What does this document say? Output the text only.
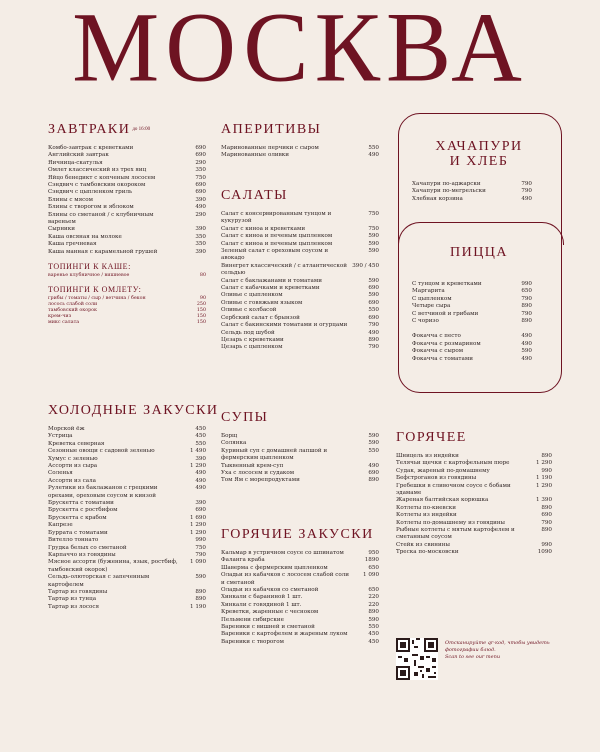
МОСКВА
ЗАВТРАКИ до 16:00
Комбо-завтрак с креветками	690
Английский завтрак	690
Яичница-скатулья	290
Омлет классический из трех яиц	350
Яйцо бенедикт с копченым лососем	750
Сэндвич с тамбовским окороком	690
Сэндвич с цыпленком гриль	690
Блины с мясом	390
Блины с творогом и яблоком	490
Блины со сметаной / с клубничным вареньем
290
Сырники	390
Каша овсяная на молоке	350
Каша гречневая	350
Каша манная с карамельной грушей	390
ТОПИНГИ К КАШЕ:
варенье клубничное / вишневое	80
ТОПИНГИ К ОМЛЕТУ:
грибы / томаты / сыр / ветчина / бекон	90
лосось слабой соли	250
тамбовский окорок	150
крем-чиз	150
микс салата	150
ХОЛОДНЫЕ ЗАКУСКИ
Морской ёж	450
Устрица	450
Креветка северная	550
Сезонные овощи с садовой зеленью	1 490
Хумус с зеленью	390
Ассорти из сыра	1 290
Соленья	490
Ассорти из сала	490
Рулетики из баклажанов с грецкими орехами, ореховым соусом и кинзой
490
Брускетта с томатами	390
Брускетта с ростбифом	690
Брускетта с крабом	1 690
Капрезе	1 290
Буррата с томатами	1 290
Вителло тоннато	990
Грудка белых со сметаной	750
Карпаччо из говядины	790
Мясное ассорти (буженина, язык, ростбиф, тамбовский окорок)
1 090
Сельдь-олюторская с запеченным картофелем
590
Тартар из говядины	890
Тартар из тунца	890
Тартар из лосося	1 190
АПЕРИТИВЫ
Маринованные перчики с сыром	550
Маринованные оливки	490
САЛАТЫ
Салат с консервированным тунцом и кукурузой
750
Салат с киноа и креветками	750
Салат с киноа и печеным цыпленком	590
Салат с киноа и печеным цыпленком	590
Зеленый салат с ореховым соусом и авокадо
590
Винегрет классический / с атлантической сельдью
390 / 450
Салат с баклажанами и томатами	590
Салат с кабачками и креветками	690
Оливье с цыпленком	590
Оливье с говяжьим языком	690
Оливье с колбасой	550
Сербский салат с брынзой	690
Салат с бакинскими томатами и огурцами	790
Сельдь под шубой	490
Цезарь с креветками	890
Цезарь с цыпленком	790
СУПЫ
Борщ	590
Солянка	590
Куриный суп с домашней лапшой и фермерским цыпленком
550
Тыквенный крем-суп	490
Уха с лососем и судаком	690
Том Ям с морепродуктами	890
ГОРЯЧИЕ ЗАКУСКИ
Кальмар в устричном соусе со шпинатом	950
Фаланга краба	1890
Шаверма с фермерским цыпленком	650
Оладьи из кабачков с лососем слабой соли и сметаной
1 090
Оладьи из кабачков со сметаной	650
Хинкали с бараниной 1 шт.	220
Хинкали с говядиной 1 шт.	220
Креветки, жаренные с чесноком	890
Пельмени сибирские	590
Вареники с вишней и сметаной	550
Вареники с картофелем и жареным луком	450
Вареники с творогом	450
ХАЧАПУРИ
И ХЛЕБ
Хачапури по-аджарски	790
Хачапури по-мегрельски	790
Хлебная корзина	490
ПИЦЦА
С тунцом и креветками	990
Маргарита	650
С цыпленком	790
Четыре сыра	890
С ветчиной и грибами	790
С чоризо	890
Фокачча с песто	490
Фокачча с розмарином	490
Фокачча с сыром	590
Фокачча с томатами	490
ГОРЯЧЕЕ
Шницель из индейки	890
Телячьи щечки с картофельным пюре	1 290
Судак, жареный по-домашнему	990
Бефстроганов из говядины	1 190
Гребешки в сливочном соусе с бобами эдамаме
1 290
Жареная балтийская корюшка	1 390
Котлеты по-киевски	890
Котлеты из индейки	690
Котлеты по-домашнему из говядины	790
Рыбные котлеты с мятым картофелем и сметанным соусом
890
Стейк из свинины	990
Треска по-московски	1090
Отсканируйте qr-код, чтобы увидеть фотографии блюд.
Scan to see our menu
